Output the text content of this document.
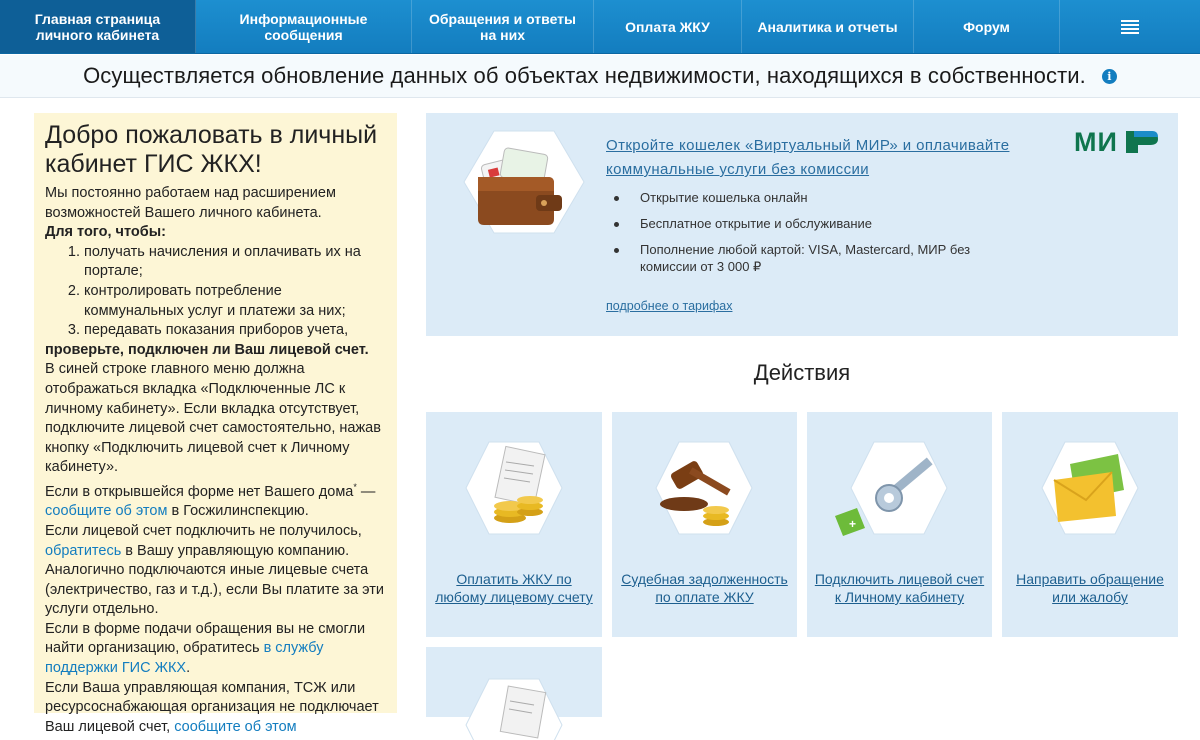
Главная страница личного кабинета
Информационные сообщения
Обращения и ответы на них	Оплата ЖКУ	Аналитика и отчеты	Форум
Осуществляется обновление данных об объектах недвижимости, находящихся в собственности.	i
Добро пожаловать в личный кабинет ГИС ЖКХ!

Мы постоянно работаем над расширением возможностей Вашего личного кабинета.

Для того, чтобы:

1. получать начисления и оплачивать их на портале;
2. контролировать потребление коммунальных услуг и платежи за них;
3. передавать показания приборов учета,

проверьте, подключен ли Ваш лицевой счет.

В синей строке главного меню должна отображаться вкладка «Подключенные ЛС к личному кабинету». Если вкладка отсутствует, подключите лицевой счет самостоятельно, нажав кнопку «Подключить лицевой счет к Личному кабинету».

Если в открывшейся форме нет Вашего дома* — сообщите об этом в Госжилинспекцию.

Если лицевой счет подключить не получилось, обратитесь в Вашу управляющую компанию. Аналогично подключаются иные лицевые счета (электричество, газ и т.д.), если Вы платите за эти услуги отдельно.

Если в форме подачи обращения вы не смогли найти организацию, обратитесь в службу поддержки ГИС ЖКХ.

Если Ваша управляющая компания, ТСЖ или ресурсоснабжающая организация не подключает Ваш лицевой счет, сообщите об этом

Откройте кошелек «Виртуальный МИР» и оплачивайте коммунальные услуги без комиссии
Открытие кошелька онлайн
Бесплатное открытие и обслуживание
Пополнение любой картой: VISA, Mastercard, МИР без комиссии от 3 000 ₽
подробнее о тарифах
МИ
Действия
Оплатить ЖКУ по любому лицевому счету
Судебная задолженность по оплате ЖКУ
+
Подключить лицевой счет к Личному кабинету
Направить обращение или жалобу
